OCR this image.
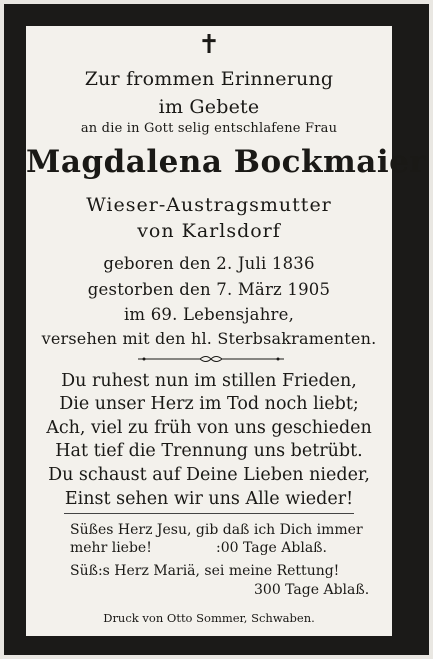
✝
Zur frommen Erinnerung
im Gebete
an die in Gott selig entschlafene Frau
Magdalena Bockmaier
Wieser-Austragsmutter
von Karlsdorf
geboren den 2. Juli 1836
gestorben den 7. März 1905
im 69. Lebensjahre,
versehen mit den hl. Sterbsakramenten.
Du ruhest nun im stillen Frieden,
Die unser Herz im Tod noch liebt;
Ach, viel zu früh von uns geschieden
Hat tief die Trennung uns betrübt.
Du schaust auf Deine Lieben nieder,
Einst sehen wir uns Alle wieder!
Süßes Herz Jesu, gib daß ich Dich immer
mehr liebe!	:00 Tage Ablaß.
Süß:s Herz Mariä, sei meine Rettung!
300 Tage Ablaß.
Druck von Otto Sommer, Schwaben.
